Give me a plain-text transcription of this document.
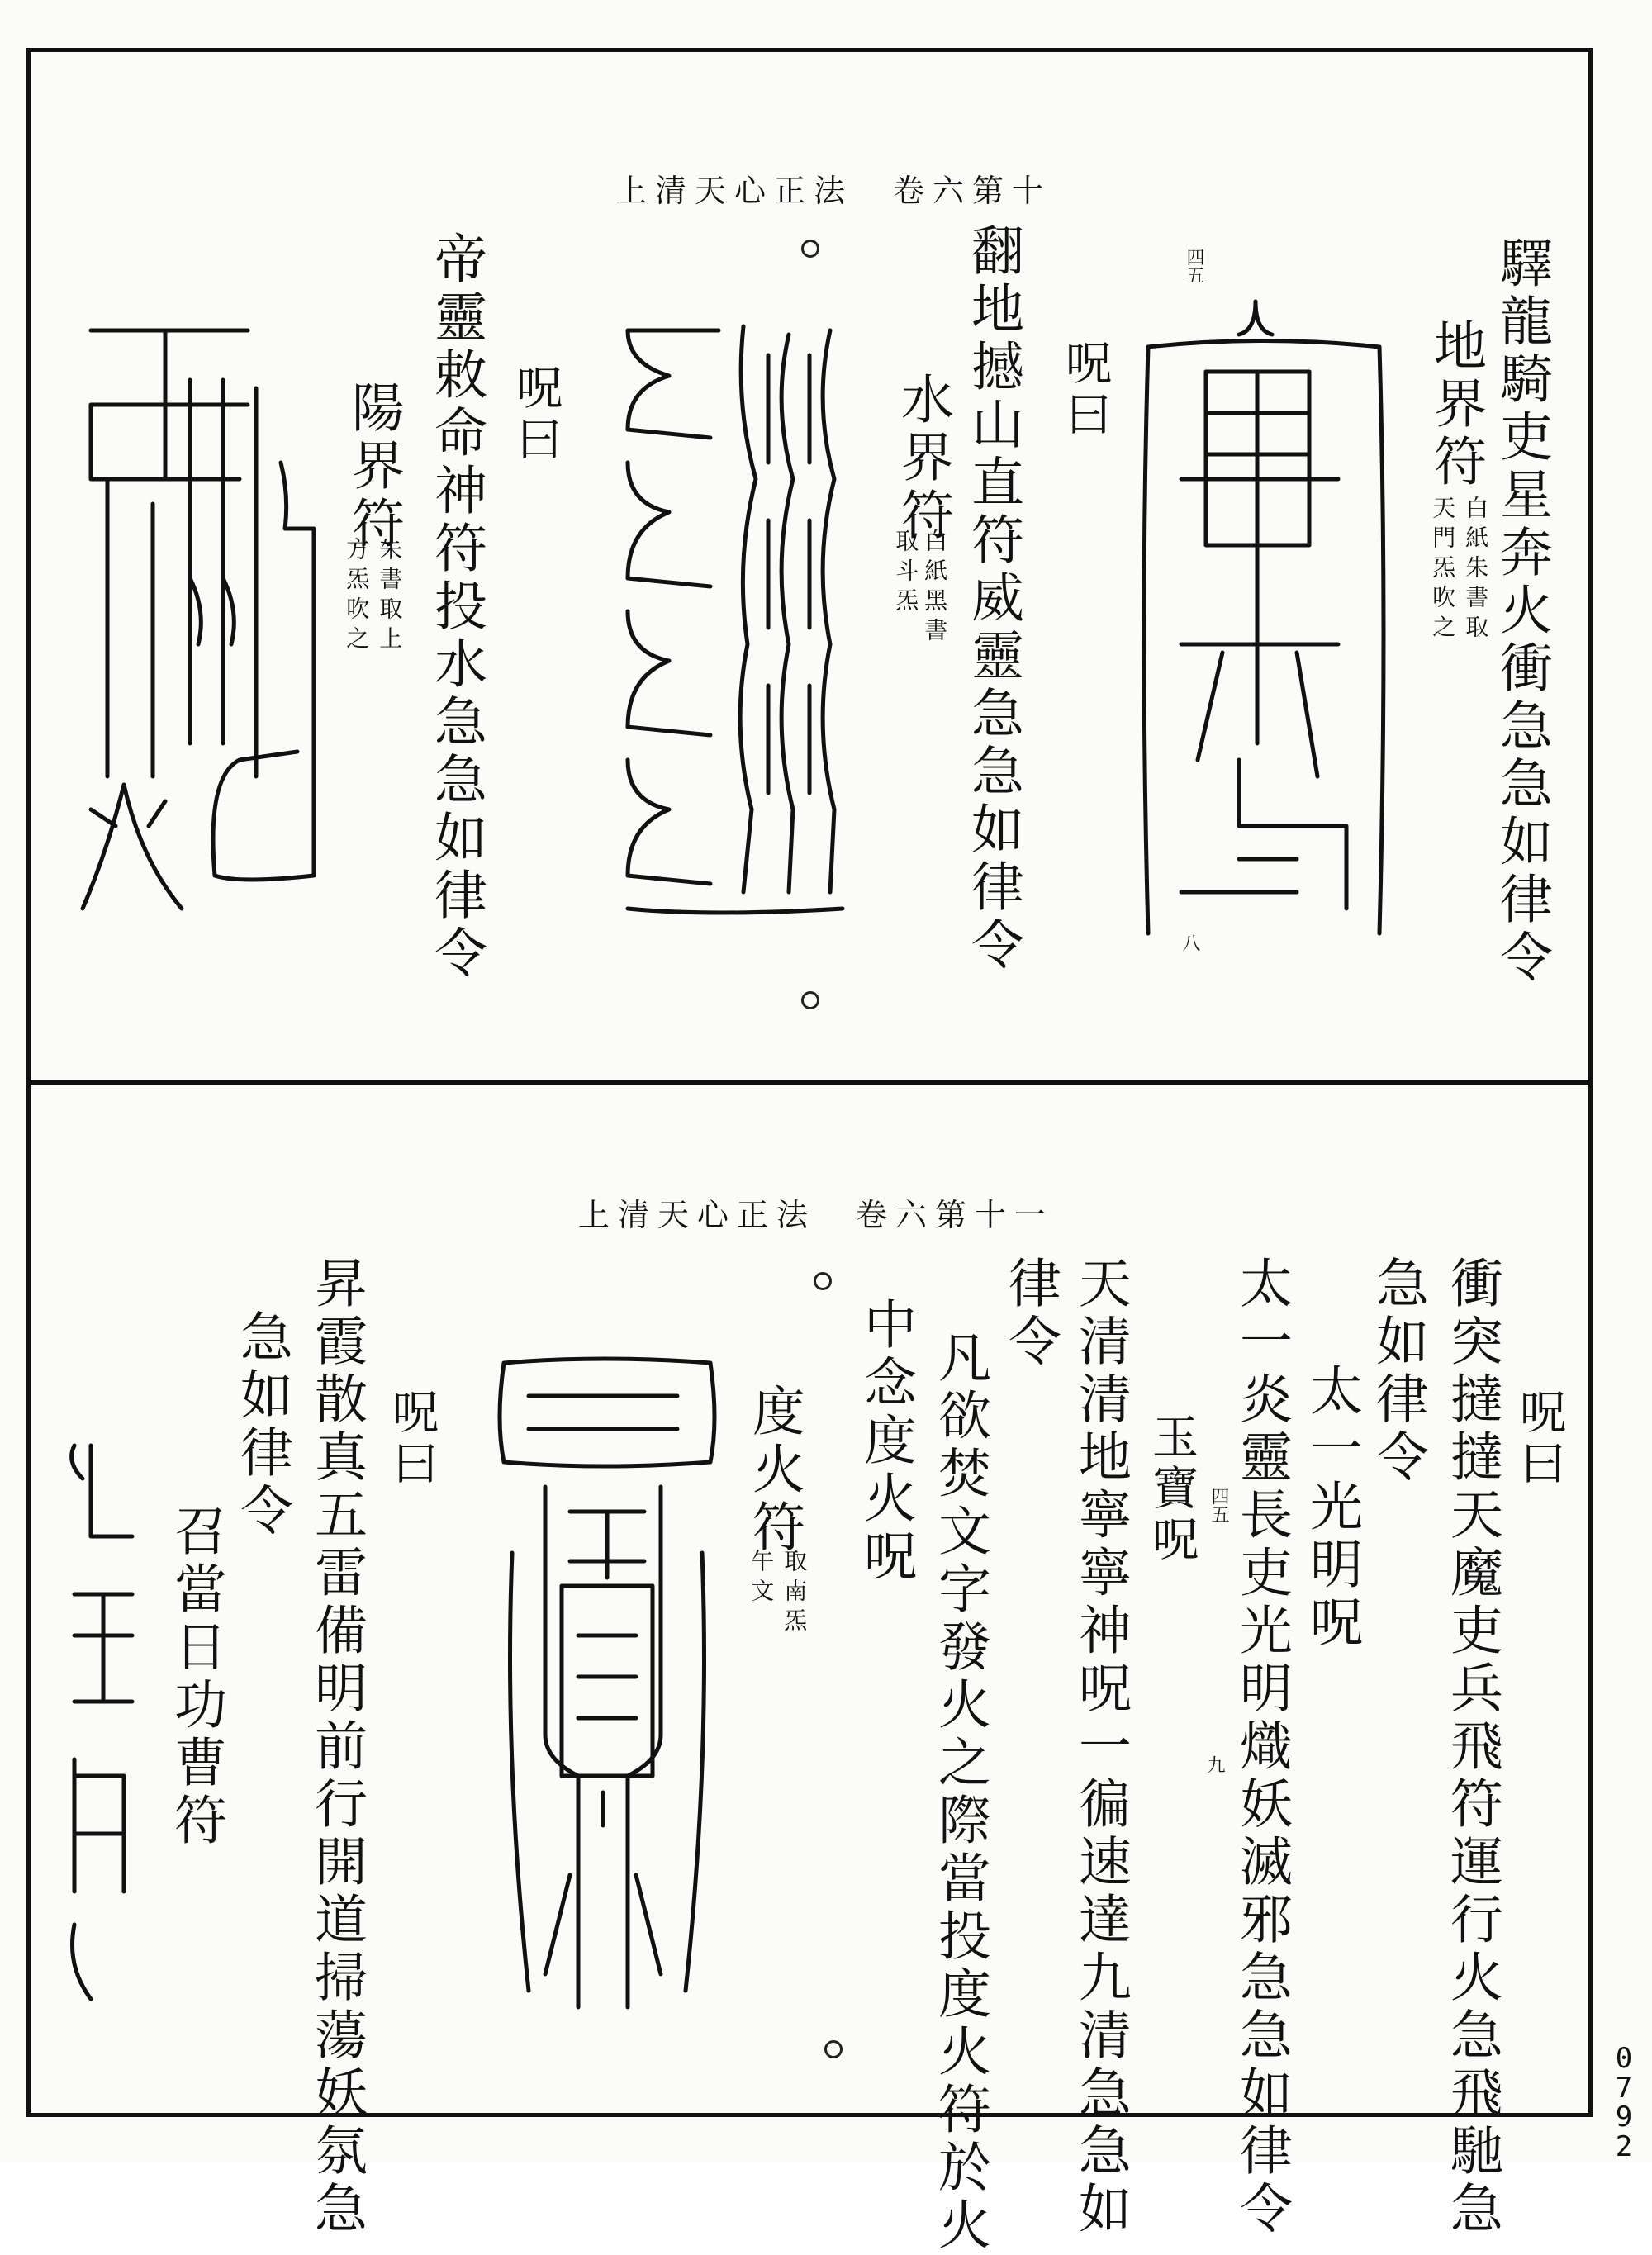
上清天心正法　卷六第十
驛龍騎吏星奔火衝急急如律令
地界符
白紙朱書取
天門炁吹之
四五
八
呪曰
翻地撼山直符威靈急急如律令
水界符
白紙黑書
取斗炁
呪曰
帝靈敕命神符投水急急如律令
陽界符
朱書取上
方炁吹之
上清天心正法　卷六第十一
呪曰
衝突撻撻天魔吏兵飛符運行火急飛馳急
急如律令
太一光明呪
太一炎靈長吏光明熾妖滅邪急急如律令
四五
九
玉寶呪
天清清地寧寧神呪一徧速達九清急急如
律令
凡欲焚文字發火之際當投度火符於火
中念度火呪
度火符
取南炁
午文
呪曰
昇霞散真五雷備明前行開道掃蕩妖氛急
急如律令
召當日功曹符
0792
